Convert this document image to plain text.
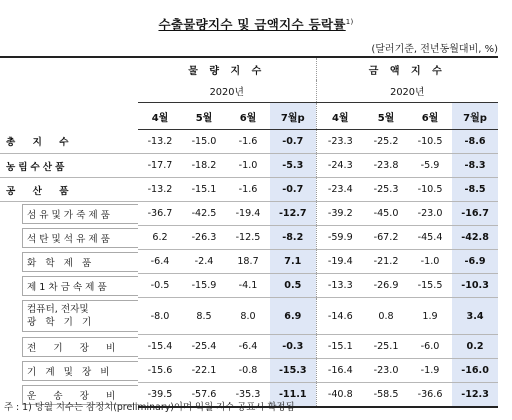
수출물량지수 및 금액지수 등락률$^{1)}$
(달러기준, 전년동월대비, %)
	물 량 지 수				금 액 지 수			
	2020년				2020년			
	4월	5월	6월	7월p	4월	5월	6월	7월p
총 지 수	-13.2	-15.0	-1.6	-0.7	-23.3	-25.2	-10.5	-8.6
농림수산품	-17.7	-18.2	-1.0	-5.3	-24.3	-23.8	-5.9	-8.3
공 산 품	-13.2	-15.1	-1.6	-0.7	-23.4	-25.3	-10.5	-8.5

섬유및가죽제품	-36.7	-42.5	-19.4	-12.7	-39.2	-45.0	-23.0	-16.7

석탄및석유제품	6.2	-26.3	-12.5	-8.2	-59.9	-67.2	-45.4	-42.8

화 학 제 품	-6.4	-2.4	18.7	7.1	-19.4	-21.2	-1.0	-6.9

제1차금속제품	-0.5	-15.9	-4.1	0.5	-13.3	-26.9	-15.5	-10.3

컴퓨터, 전자및
광 학 기 기	-8.0	8.5	8.0	6.9	-14.6	0.8	1.9	3.4

전 기 장 비	-15.4	-25.4	-6.4	-0.3	-15.1	-25.1	-6.0	0.2

기 계 및 장 비	-15.6	-22.1	-0.8	-15.3	-16.4	-23.0	-1.9	-16.0

운 송 장 비	-39.5	-57.6	-35.3	-11.1	-40.8	-58.5	-36.6	-12.3
주 : 1) 당월 지수는 잠정치(preliminary)이며 익월 지수 공표시 확정됨
